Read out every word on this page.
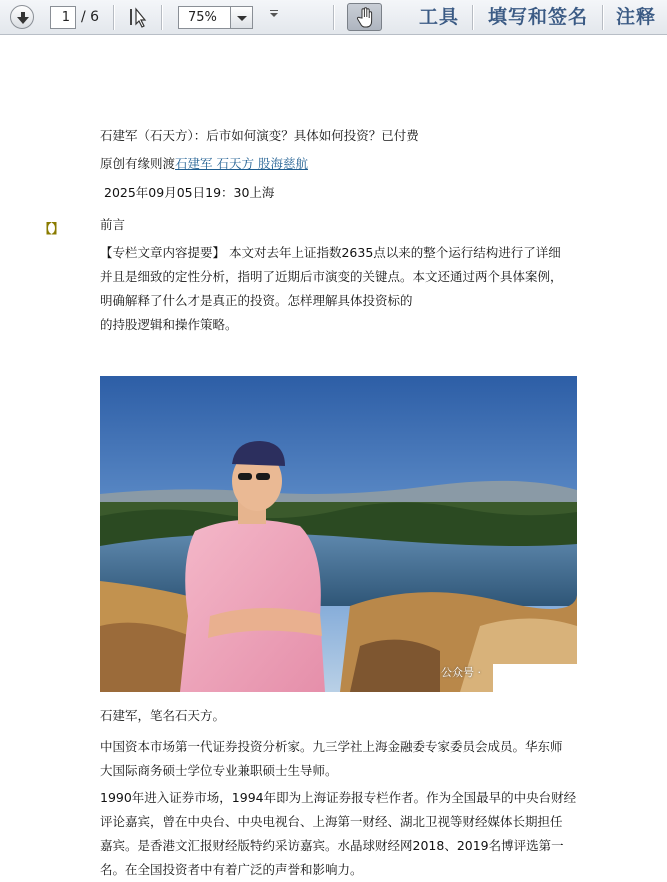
1 / 6	75%	工具 填写和签名 注释
石建军（石天方）：后市如何演变？具体如何投资？已付费
原创有缘则渡石建军 石天方 股海慈航
2025年09月05日19：30上海
【】	前言
【专栏文章内容提要】 本文对去年上证指数2635点以来的整个运行结构进行了详细
并且是细致的定性分析，指明了近期后市演变的关键点。本文还通过两个具体案例，
明确解释了什么才是真正的投资。怎样理解具体投资标的
的持股逻辑和操作策略。
公众号 ·
石建军，笔名石天方。
中国资本市场第一代证券投资分析家。九三学社上海金融委专家委员会成员。华东师
大国际商务硕士学位专业兼职硕士生导师。
1990年进入证券市场，1994年即为上海证券报专栏作者。作为全国最早的中央台财经
评论嘉宾，曾在中央台、中央电视台、上海第一财经、湖北卫视等财经媒体长期担任
嘉宾。是香港文汇报财经版特约采访嘉宾。水晶球财经网2018、2019名博评选第一
名。在全国投资者中有着广泛的声誉和影响力。
